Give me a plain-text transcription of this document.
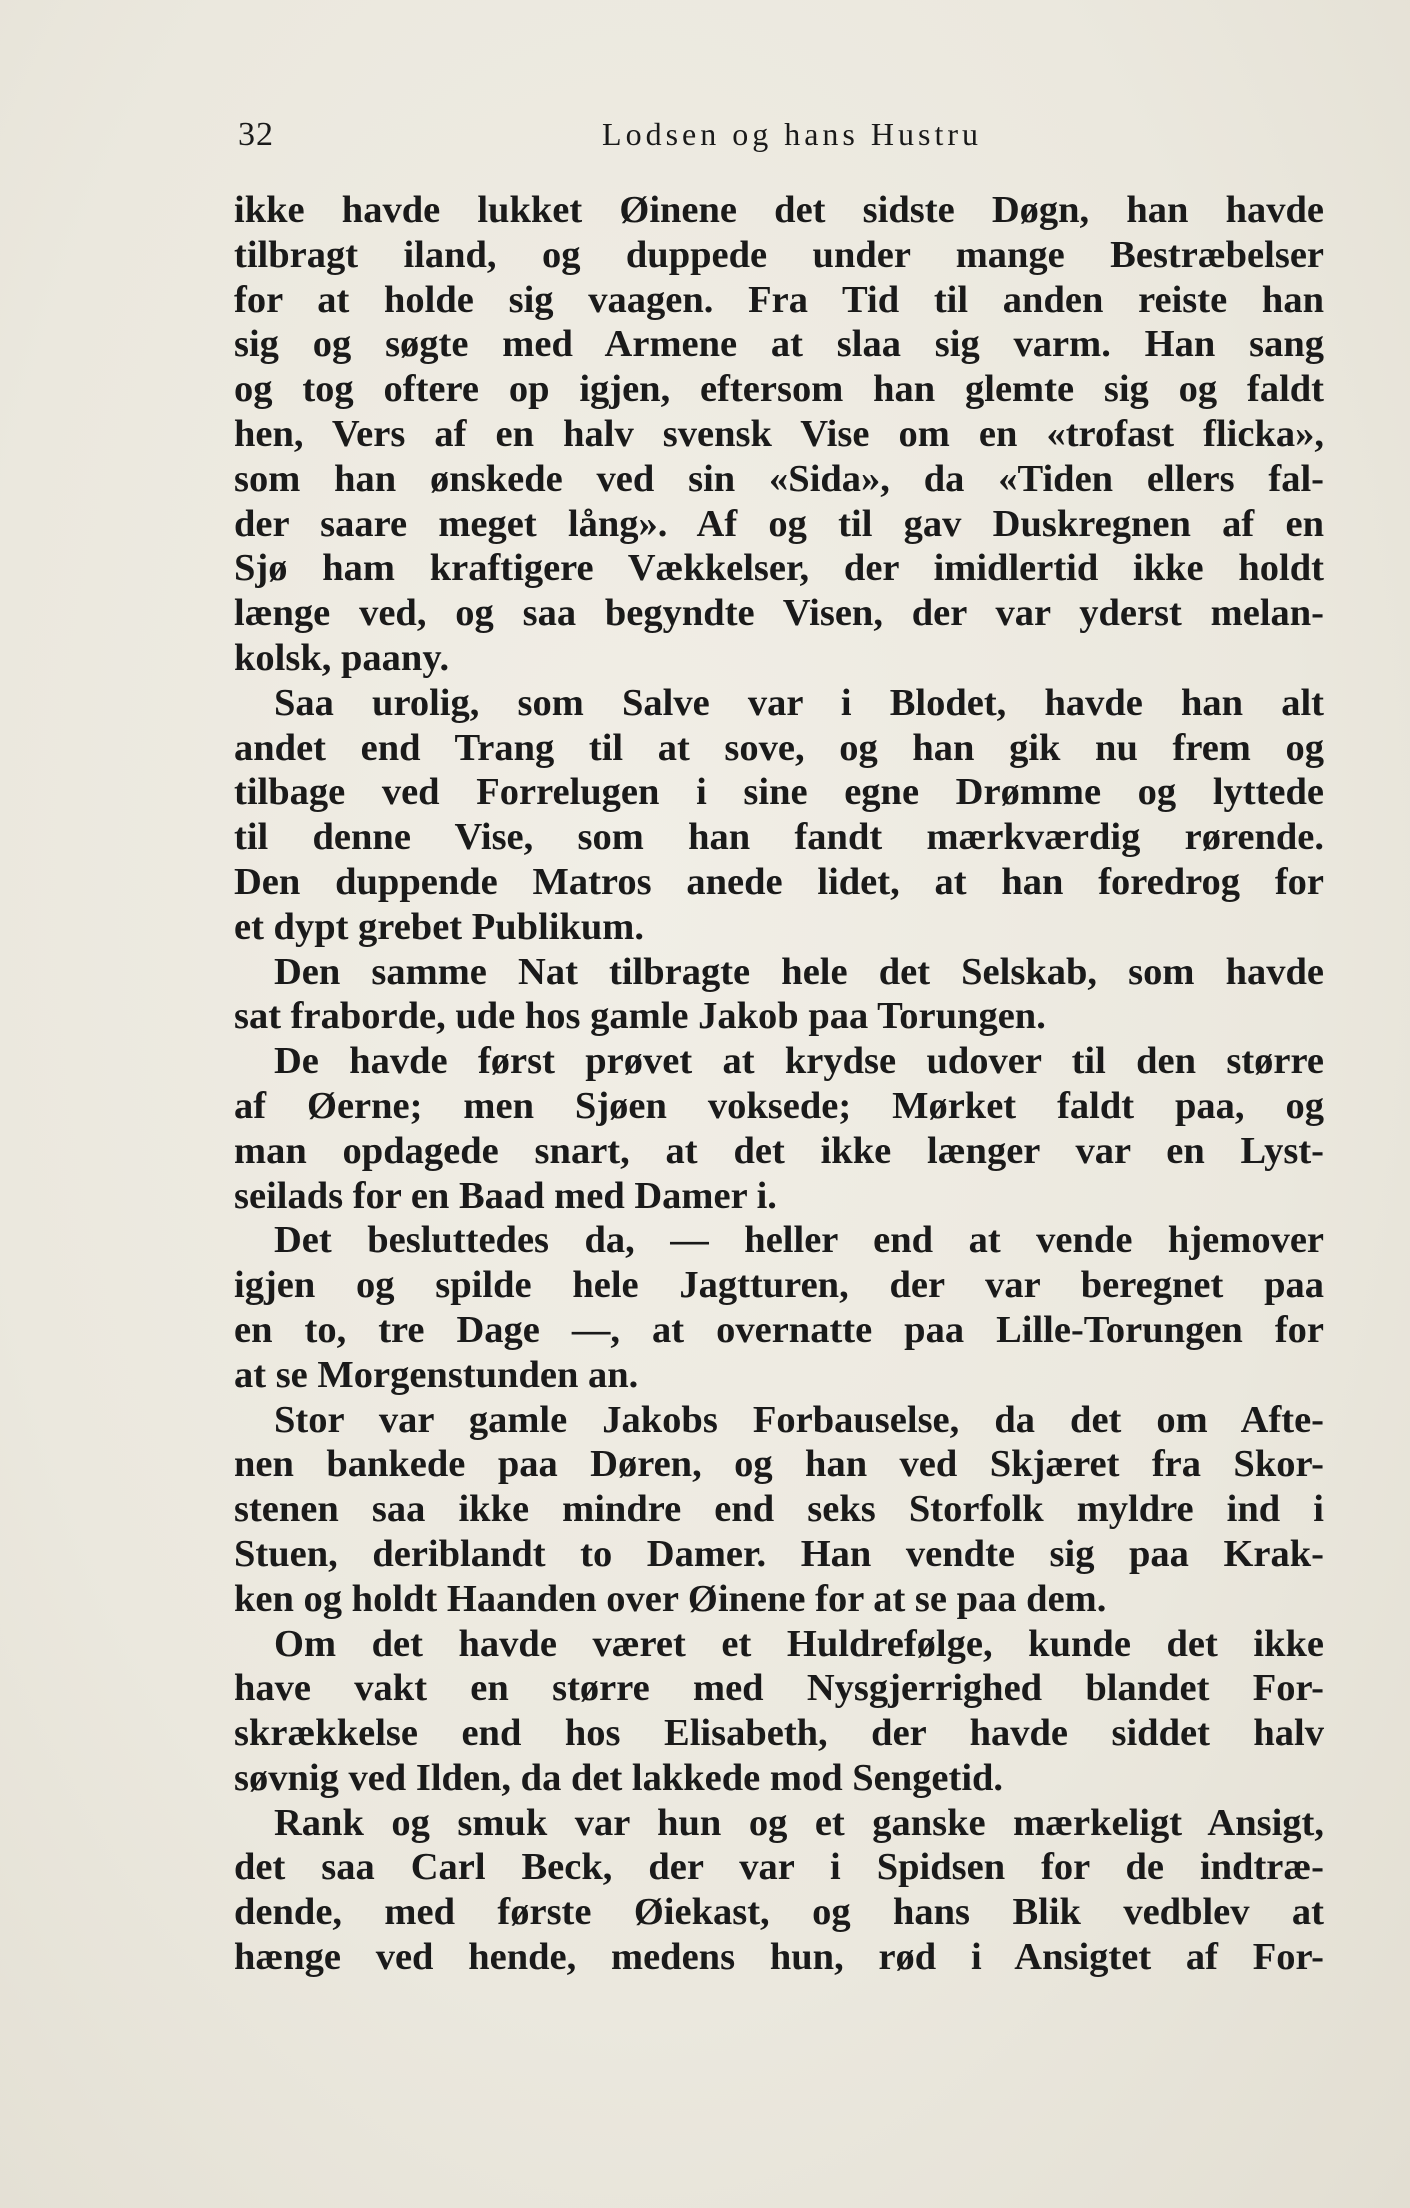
32	Lodsen og hans Hustru
ikke havde lukket Øinene det sidste Døgn, han havde
tilbragt iland, og duppede under mange Bestræbelser
for at holde sig vaagen. Fra Tid til anden reiste han
sig og søgte med Armene at slaa sig varm. Han sang
og tog oftere op igjen, eftersom han glemte sig og faldt
hen, Vers af en halv svensk Vise om en «trofast flicka»,
som han ønskede ved sin «Sida», da «Tiden ellers fal-
der saare meget lång». Af og til gav Duskregnen af en
Sjø ham kraftigere Vækkelser, der imidlertid ikke holdt
længe ved, og saa begyndte Visen, der var yderst melan-
kolsk, paany.
Saa urolig, som Salve var i Blodet, havde han alt
andet end Trang til at sove, og han gik nu frem og
tilbage ved Forrelugen i sine egne Drømme og lyttede
til denne Vise, som han fandt mærkværdig rørende.
Den duppende Matros anede lidet, at han foredrog for
et dypt grebet Publikum.
Den samme Nat tilbragte hele det Selskab, som havde
sat fraborde, ude hos gamle Jakob paa Torungen.
De havde først prøvet at krydse udover til den større
af Øerne; men Sjøen voksede; Mørket faldt paa, og
man opdagede snart, at det ikke længer var en Lyst-
seilads for en Baad med Damer i.
Det besluttedes da, — heller end at vende hjemover
igjen og spilde hele Jagtturen, der var beregnet paa
en to, tre Dage —, at overnatte paa Lille-Torungen for
at se Morgenstunden an.
Stor var gamle Jakobs Forbauselse, da det om Afte-
nen bankede paa Døren, og han ved Skjæret fra Skor-
stenen saa ikke mindre end seks Storfolk myldre ind i
Stuen, deriblandt to Damer. Han vendte sig paa Krak-
ken og holdt Haanden over Øinene for at se paa dem.
Om det havde været et Huldrefølge, kunde det ikke
have vakt en større med Nysgjerrighed blandet For-
skrækkelse end hos Elisabeth, der havde siddet halv
søvnig ved Ilden, da det lakkede mod Sengetid.
Rank og smuk var hun og et ganske mærkeligt Ansigt,
det saa Carl Beck, der var i Spidsen for de indtræ-
dende, med første Øiekast, og hans Blik vedblev at
hænge ved hende, medens hun, rød i Ansigtet af For-
